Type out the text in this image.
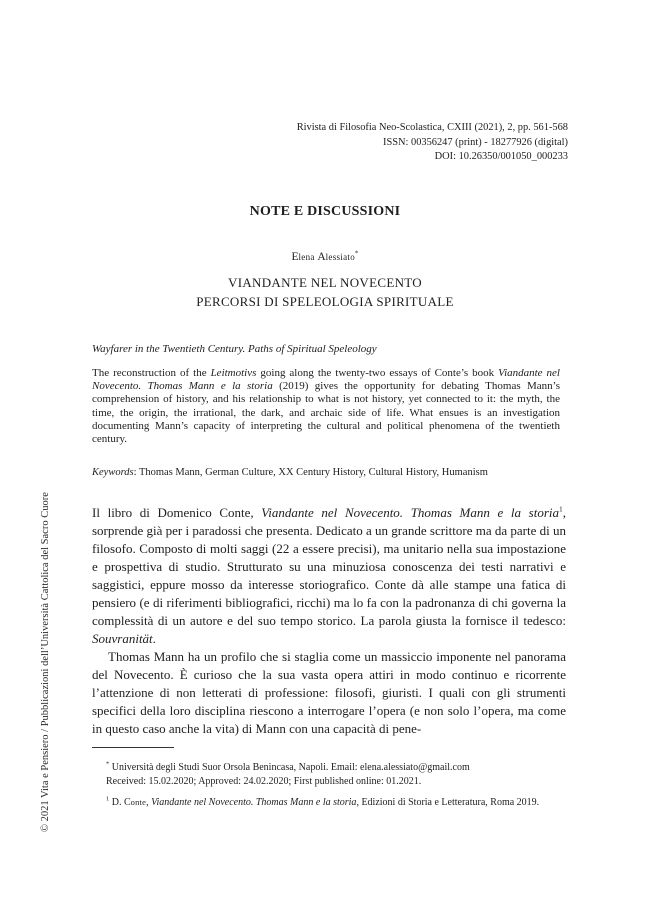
Rivista di Filosofia Neo-Scolastica, CXIII (2021), 2, pp. 561-568
ISSN: 00356247 (print) - 18277926 (digital)
DOI: 10.26350/001050_000233
NOTE E DISCUSSIONI
Elena Alessiato*
VIANDANTE NEL NOVECENTO
PERCORSI DI SPELEOLOGIA SPIRITUALE
Wayfarer in the Twentieth Century. Paths of Spiritual Speleology

The reconstruction of the Leitmotivs going along the twenty-two essays of Conte’s book Viandante nel Novecento. Thomas Mann e la storia (2019) gives the opportunity for debating Thomas Mann’s comprehension of history, and his relationship to what is not history, yet connected to it: the myth, the time, the origin, the irrational, the dark, and archaic side of life. What ensues is an investigation documenting Mann’s capacity of interpreting the cultural and political phenomena of the twentieth century.

Keywords: Thomas Mann, German Culture, XX Century History, Cultural History, Humanism

Il libro di Domenico Conte, Viandante nel Novecento. Thomas Mann e la storia$^1$, sorprende già per i paradossi che presenta. Dedicato a un grande scrittore ma da parte di un filosofo. Composto di molti saggi (22 a essere precisi), ma unitario nella sua impostazione e prospettiva di studio. Strutturato su una minuziosa conoscenza dei testi narrativi e saggistici, eppure mosso da interesse storiografico. Conte dà alle stampe una fatica di pensiero (e di riferimenti bibliografici, ricchi) ma lo fa con la padronanza di chi governa la complessità di un autore e del suo tempo storico. La parola giusta la fornisce il tedesco: Souvranität.

Thomas Mann ha un profilo che si staglia come un massiccio imponente nel panorama del Novecento. È curioso che la sua vasta opera attiri in modo continuo e ricorrente l’attenzione di non letterati di professione: filosofi, giuristi. I quali con gli strumenti specifici della loro disciplina riescono a interrogare l’opera (e non solo l’opera, ma come in questo caso anche la vita) di Mann con una capacità di pene-

* Università degli Studi Suor Orsola Benincasa, Napoli. Email: elena.alessiato@gmail.com
Received: 15.02.2020; Approved: 24.02.2020; First published online: 01.2021.
$^1$ D. Conte, Viandante nel Novecento. Thomas Mann e la storia, Edizioni di Storia e Letteratura, Roma 2019.
© 2021 Vita e Pensiero / Pubblicazioni dell’Università Cattolica del Sacro Cuore
